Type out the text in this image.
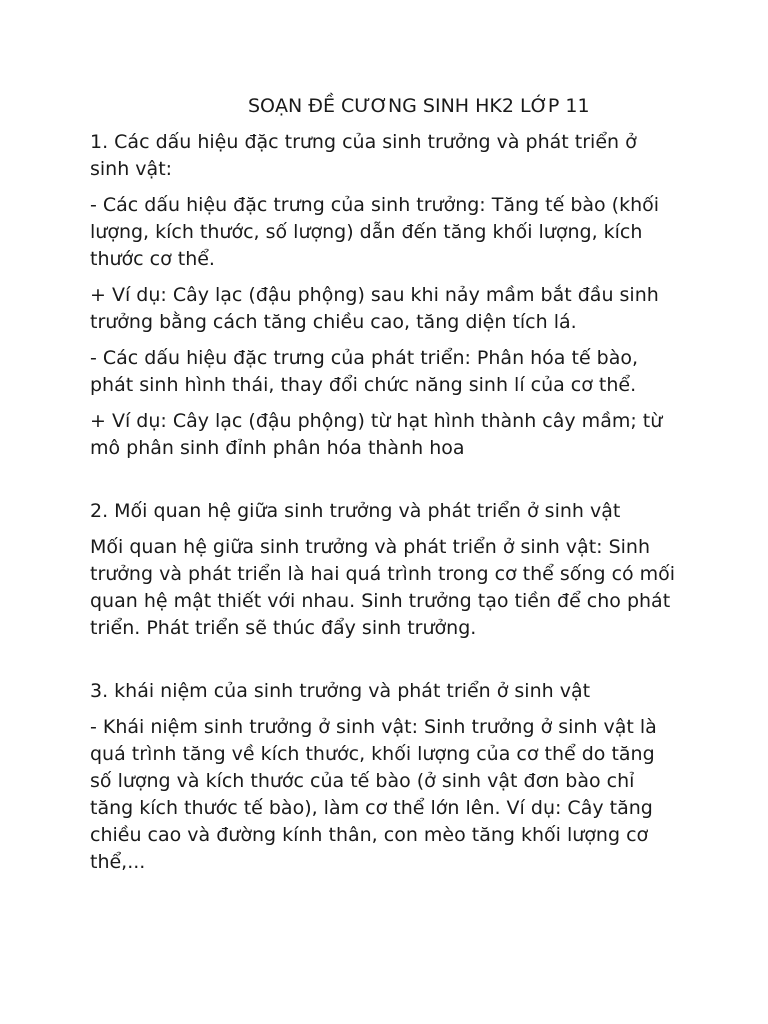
SOẠN ĐỀ CƯƠNG SINH HK2 LỚP 11

1. Các dấu hiệu đặc trưng của sinh trưởng và phát triển ở sinh vật:

- Các dấu hiệu đặc trưng của sinh trưởng: Tăng tế bào (khối lượng, kích thước, số lượng) dẫn đến tăng khối lượng, kích thước cơ thể.

+ Ví dụ: Cây lạc (đậu phộng) sau khi nảy mầm bắt đầu sinh trưởng bằng cách tăng chiều cao, tăng diện tích lá.

- Các dấu hiệu đặc trưng của phát triển: Phân hóa tế bào, phát sinh hình thái, thay đổi chức năng sinh lí của cơ thể.

+ Ví dụ: Cây lạc (đậu phộng) từ hạt hình thành cây mầm; từ mô phân sinh đỉnh phân hóa thành hoa

2. Mối quan hệ giữa sinh trưởng và phát triển ở sinh vật

Mối quan hệ giữa sinh trưởng và phát triển ở sinh vật: Sinh trưởng và phát triển là hai quá trình trong cơ thể sống có mối quan hệ mật thiết với nhau. Sinh trưởng tạo tiền để cho phát triển. Phát triển sẽ thúc đẩy sinh trưởng.

3. khái niệm của sinh trưởng và phát triển ở sinh vật

- Khái niệm sinh trưởng ở sinh vật: Sinh trưởng ở sinh vật là quá trình tăng về kích thước, khối lượng của cơ thể do tăng số lượng và kích thước của tế bào (ở sinh vật đơn bào chỉ tăng kích thước tế bào), làm cơ thể lớn lên. Ví dụ: Cây tăng chiều cao và đường kính thân, con mèo tăng khối lượng cơ thể,...
